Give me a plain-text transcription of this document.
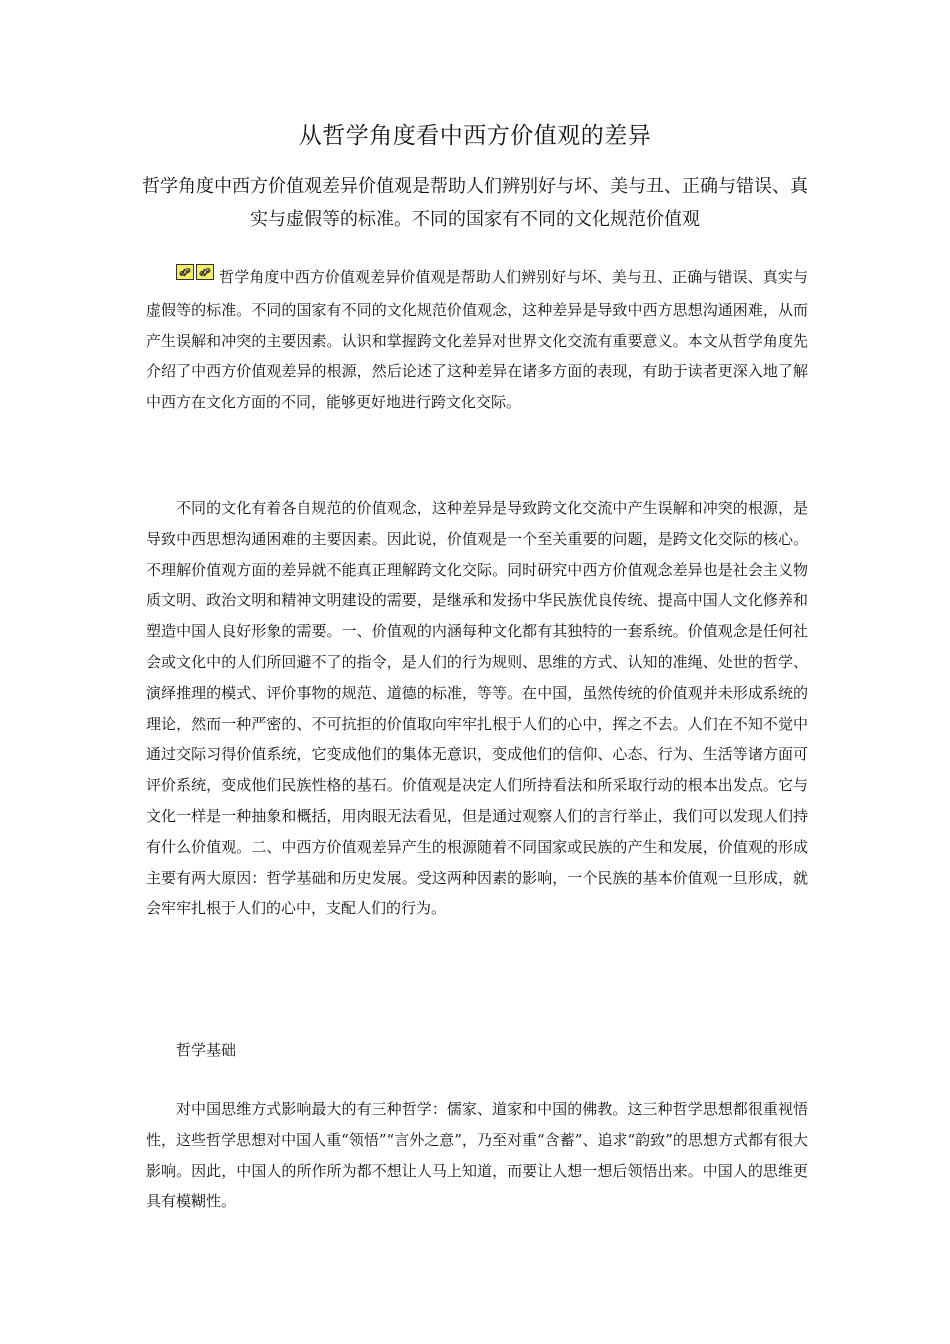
从哲学角度看中西方价值观的差异

哲学角度中西方价值观差异价值观是帮助人们辨别好与坏、美与丑、正确与错误、真实与虚假等的标准。不同的国家有不同的文化规范价值观

哲学角度中西方价值观差异价值观是帮助人们辨别好与坏、美与丑、正确与错误、真实与虚假等的标准。不同的国家有不同的文化规范价值观念，这种差异是导致中西方思想沟通困难，从而产生误解和冲突的主要因素。认识和掌握跨文化差异对世界文化交流有重要意义。本文从哲学角度先介绍了中西方价值观差异的根源，然后论述了这种差异在诸多方面的表现，有助于读者更深入地了解中西方在文化方面的不同，能够更好地进行跨文化交际。

不同的文化有着各自规范的价值观念，这种差异是导致跨文化交流中产生误解和冲突的根源，是导致中西思想沟通困难的主要因素。因此说，价值观是一个至关重要的问题，是跨文化交际的核心。不理解价值观方面的差异就不能真正理解跨文化交际。同时研究中西方价值观念差异也是社会主义物质文明、政治文明和精神文明建设的需要，是继承和发扬中华民族优良传统、提高中国人文化修养和塑造中国人良好形象的需要。一、价值观的内涵每种文化都有其独特的一套系统。价值观念是任何社会或文化中的人们所回避不了的指令，是人们的行为规则、思维的方式、认知的准绳、处世的哲学、演绎推理的模式、评价事物的规范、道德的标准，等等。在中国，虽然传统的价值观并未形成系统的理论，然而一种严密的、不可抗拒的价值取向牢牢扎根于人们的心中，挥之不去。人们在不知不觉中通过交际习得价值系统，它变成他们的集体无意识，变成他们的信仰、心态、行为、生活等诸方面可评价系统，变成他们民族性格的基石。价值观是决定人们所持看法和所采取行动的根本出发点。它与文化一样是一种抽象和概括，用肉眼无法看见，但是通过观察人们的言行举止，我们可以发现人们持有什么价值观。二、中西方价值观差异产生的根源随着不同国家或民族的产生和发展，价值观的形成主要有两大原因：哲学基础和历史发展。受这两种因素的影响，一个民族的基本价值观一旦形成，就会牢牢扎根于人们的心中，支配人们的行为。

哲学基础

对中国思维方式影响最大的有三种哲学：儒家、道家和中国的佛教。这三种哲学思想都很重视悟性，这些哲学思想对中国人重“领悟”“言外之意”，乃至对重“含蓄”、追求“韵致”的思想方式都有很大影响。因此，中国人的所作所为都不想让人马上知道，而要让人想一想后领悟出来。中国人的思维更具有模糊性。
